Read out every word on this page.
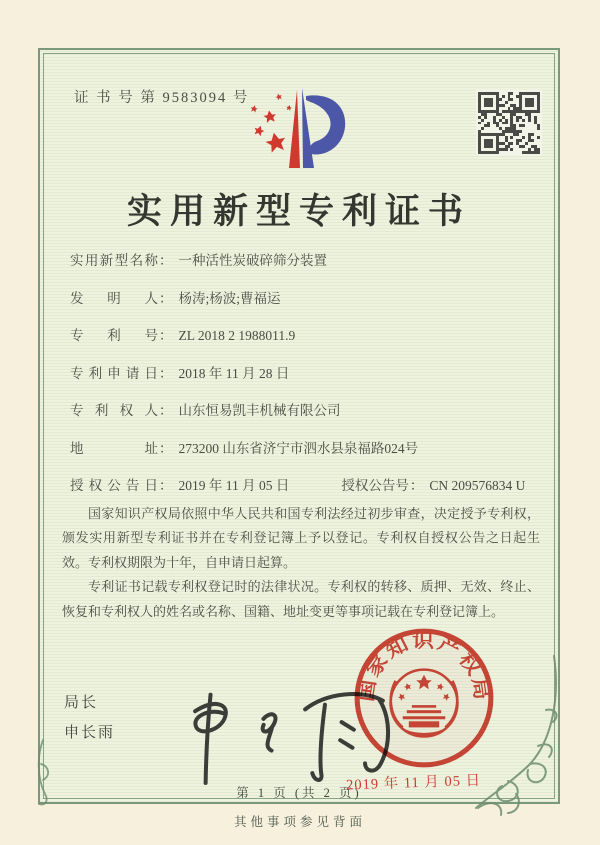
证 书 号 第 9583094 号
实用新型专利证书
实用新型名称： 一种活性炭破碎筛分装置
发明人： 杨涛;杨波;曹福运
专利号： ZL 2018 2 1988011.9
专利申请日： 2018 年 11 月 28 日
专利权人： 山东恒易凯丰机械有限公司
地址： 273200 山东省济宁市泗水县泉福路024号
授权公告日： 2019 年 11 月 05 日	授权公告号： CN 209576834 U

国家知识产权局依照中华人民共和国专利法经过初步审查，决定授予专利权，颁发实用新型专利证书并在专利登记簿上予以登记。专利权自授权公告之日起生效。专利权期限为十年，自申请日起算。

专利证书记载专利权登记时的法律状况。专利权的转移、质押、无效、终止、恢复和专利权人的姓名或名称、国籍、地址变更等事项记载在专利登记簿上。

局长
申长雨
国家知识产权局
2019 年 11 月 05 日
第 1 页 (共 2 页)
其他事项参见背面
